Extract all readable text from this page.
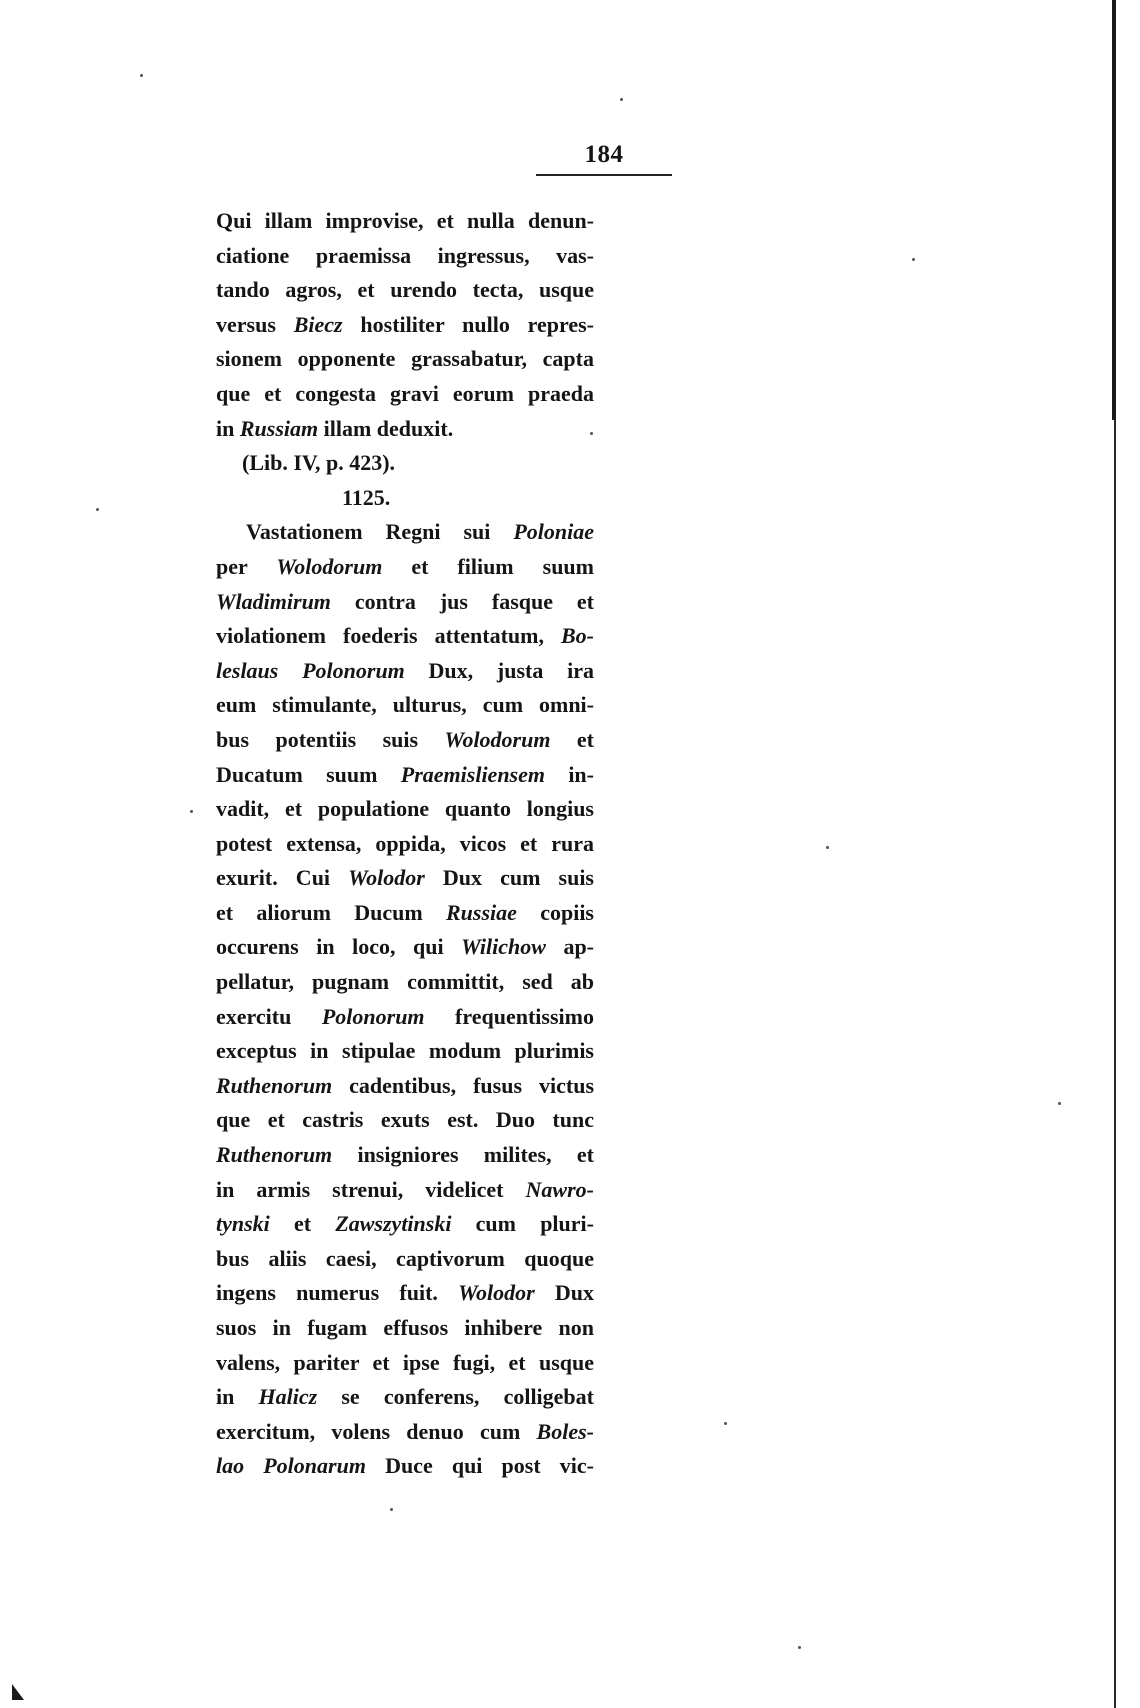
184
Qui illam improvise, et nulla denun-
ciatione praemissa ingressus, vas-
tando agros, et urendo tecta, usque
versus Biecz hostiliter nullo repres-
sionem opponente grassabatur, capta
que et congesta gravi eorum praeda
in Russiam illam deduxit.
(Lib. IV, p. 423).
1125.
Vastationem Regni sui Poloniae
per Wolodorum et filium suum
Wladimirum contra jus fasque et
violationem foederis attentatum, Bo-
leslaus Polonorum Dux, justa ira
eum stimulante, ulturus, cum omni-
bus potentiis suis Wolodorum et
Ducatum suum Praemisliensem in-
vadit, et populatione quanto longius
potest extensa, oppida, vicos et rura
exurit. Cui Wolodor Dux cum suis
et aliorum Ducum Russiae copiis
occurens in loco, qui Wilichow ap-
pellatur, pugnam committit, sed ab
exercitu Polonorum frequentissimo
exceptus in stipulae modum plurimis
Ruthenorum cadentibus, fusus victus
que et castris exuts est. Duo tunc
Ruthenorum insigniores milites, et
in armis strenui, videlicet Nawro-
tynski et Zawszytinski cum pluri-
bus aliis caesi, captivorum quoque
ingens numerus fuit. Wolodor Dux
suos in fugam effusos inhibere non
valens, pariter et ipse fugi, et usque
in Halicz se conferens, colligebat
exercitum, volens denuo cum Boles-
lao Polonarum Duce qui post vic-
